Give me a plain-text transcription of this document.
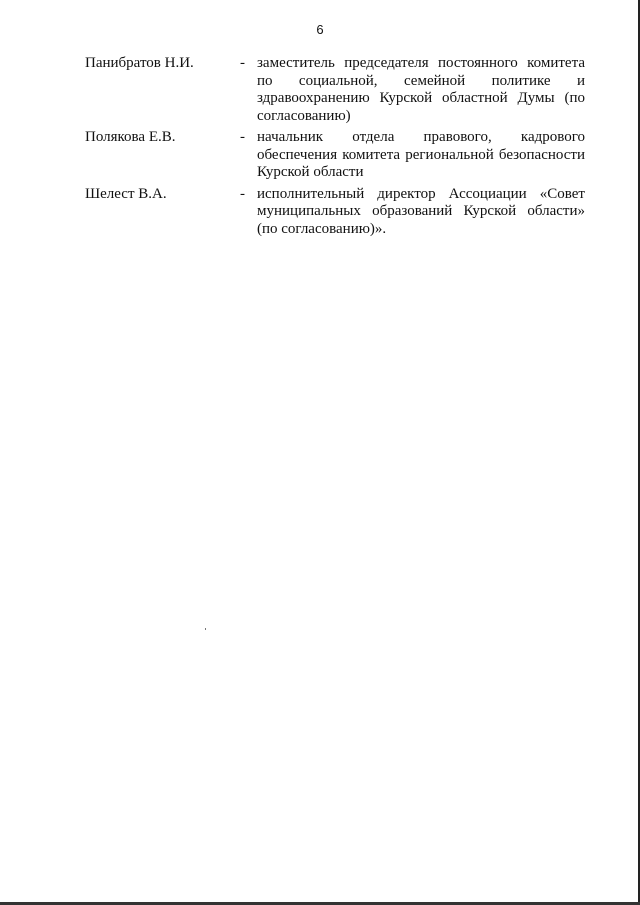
6
Панибратов Н.И.	- заместитель председателя постоянного комитета по социальной, семейной политике и здравоохранению Курской областной Думы (по согласованию)
Полякова Е.В.	- начальник отдела правового, кадрового обеспечения комитета региональной безопасности Курской области
Шелест В.А.	- исполнительный директор Ассоциации «Совет муниципальных образований Курской области» (по согласованию)».
